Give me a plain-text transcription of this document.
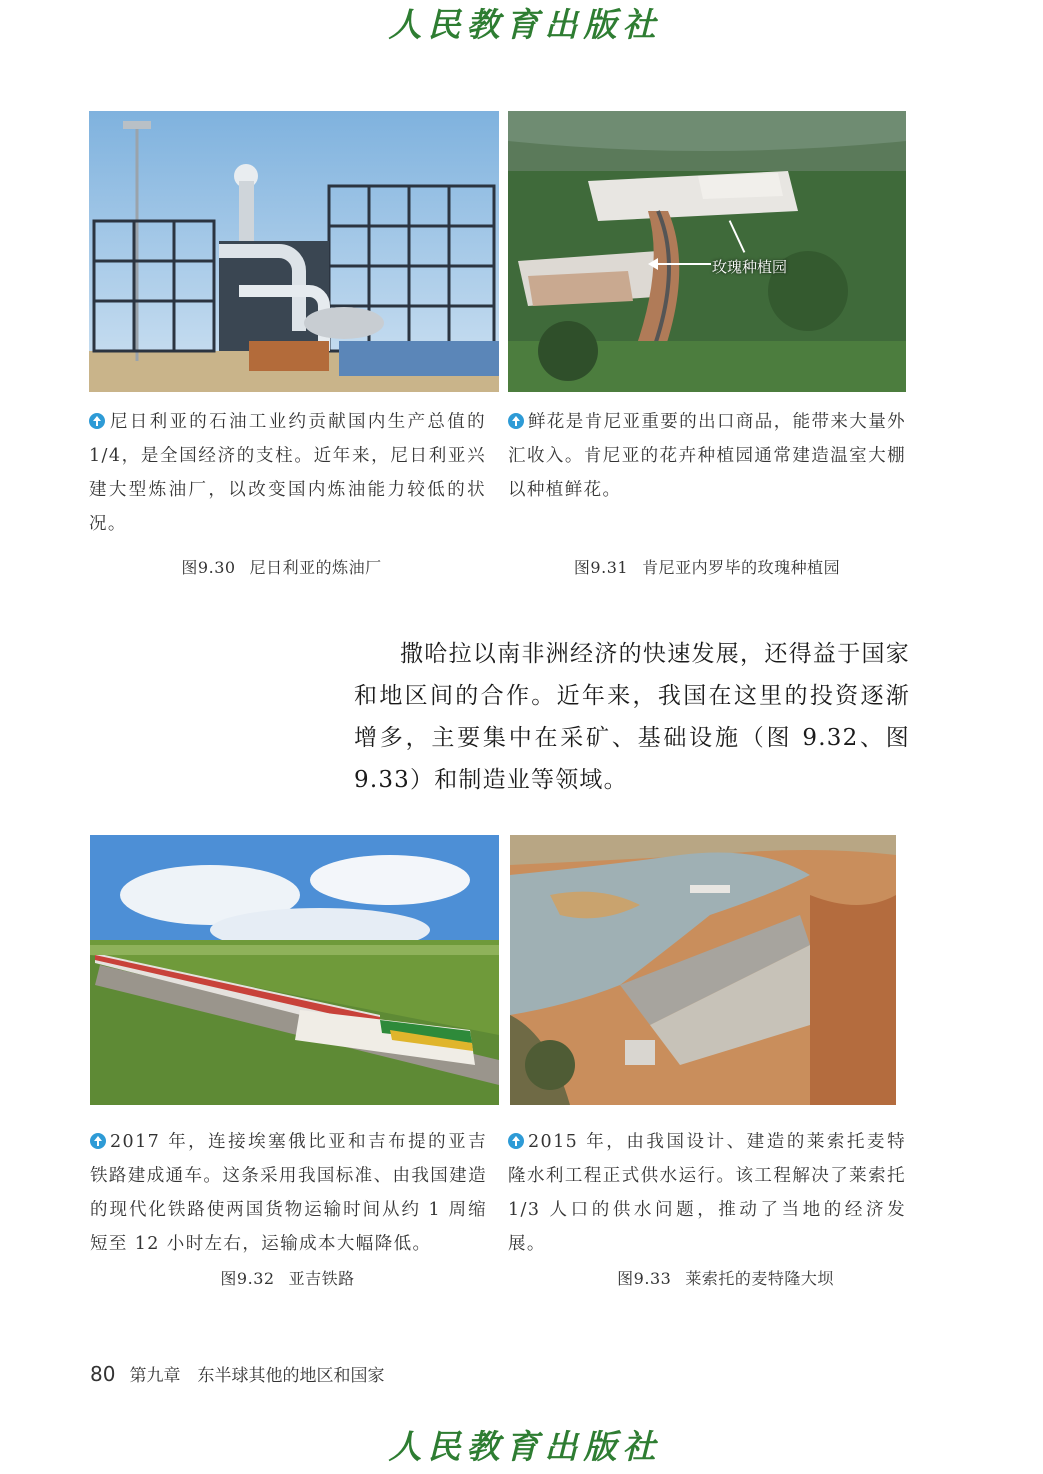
人民教育出版社
玫瑰种植园
尼日利亚的石油工业约贡献国内生产总值的 1/4，是全国经济的支柱。近年来，尼日利亚兴建大型炼油厂，以改变国内炼油能力较低的状况。
图9.30 尼日利亚的炼油厂
鲜花是肯尼亚重要的出口商品，能带来大量外汇收入。肯尼亚的花卉种植园通常建造温室大棚以种植鲜花。
图9.31 肯尼亚内罗毕的玫瑰种植园
撒哈拉以南非洲经济的快速发展，还得益于国家和地区间的合作。近年来，我国在这里的投资逐渐增多，主要集中在采矿、基础设施（图 9.32、图 9.33）和制造业等领域。
2017 年，连接埃塞俄比亚和吉布提的亚吉铁路建成通车。这条采用我国标准、由我国建造的现代化铁路使两国货物运输时间从约 1 周缩短至 12 小时左右，运输成本大幅降低。
图9.32 亚吉铁路
2015 年，由我国设计、建造的莱索托麦特隆水利工程正式供水运行。该工程解决了莱索托 1/3 人口的供水问题，推动了当地的经济发展。
图9.33 莱索托的麦特隆大坝
80 第九章　东半球其他的地区和国家
人民教育出版社
